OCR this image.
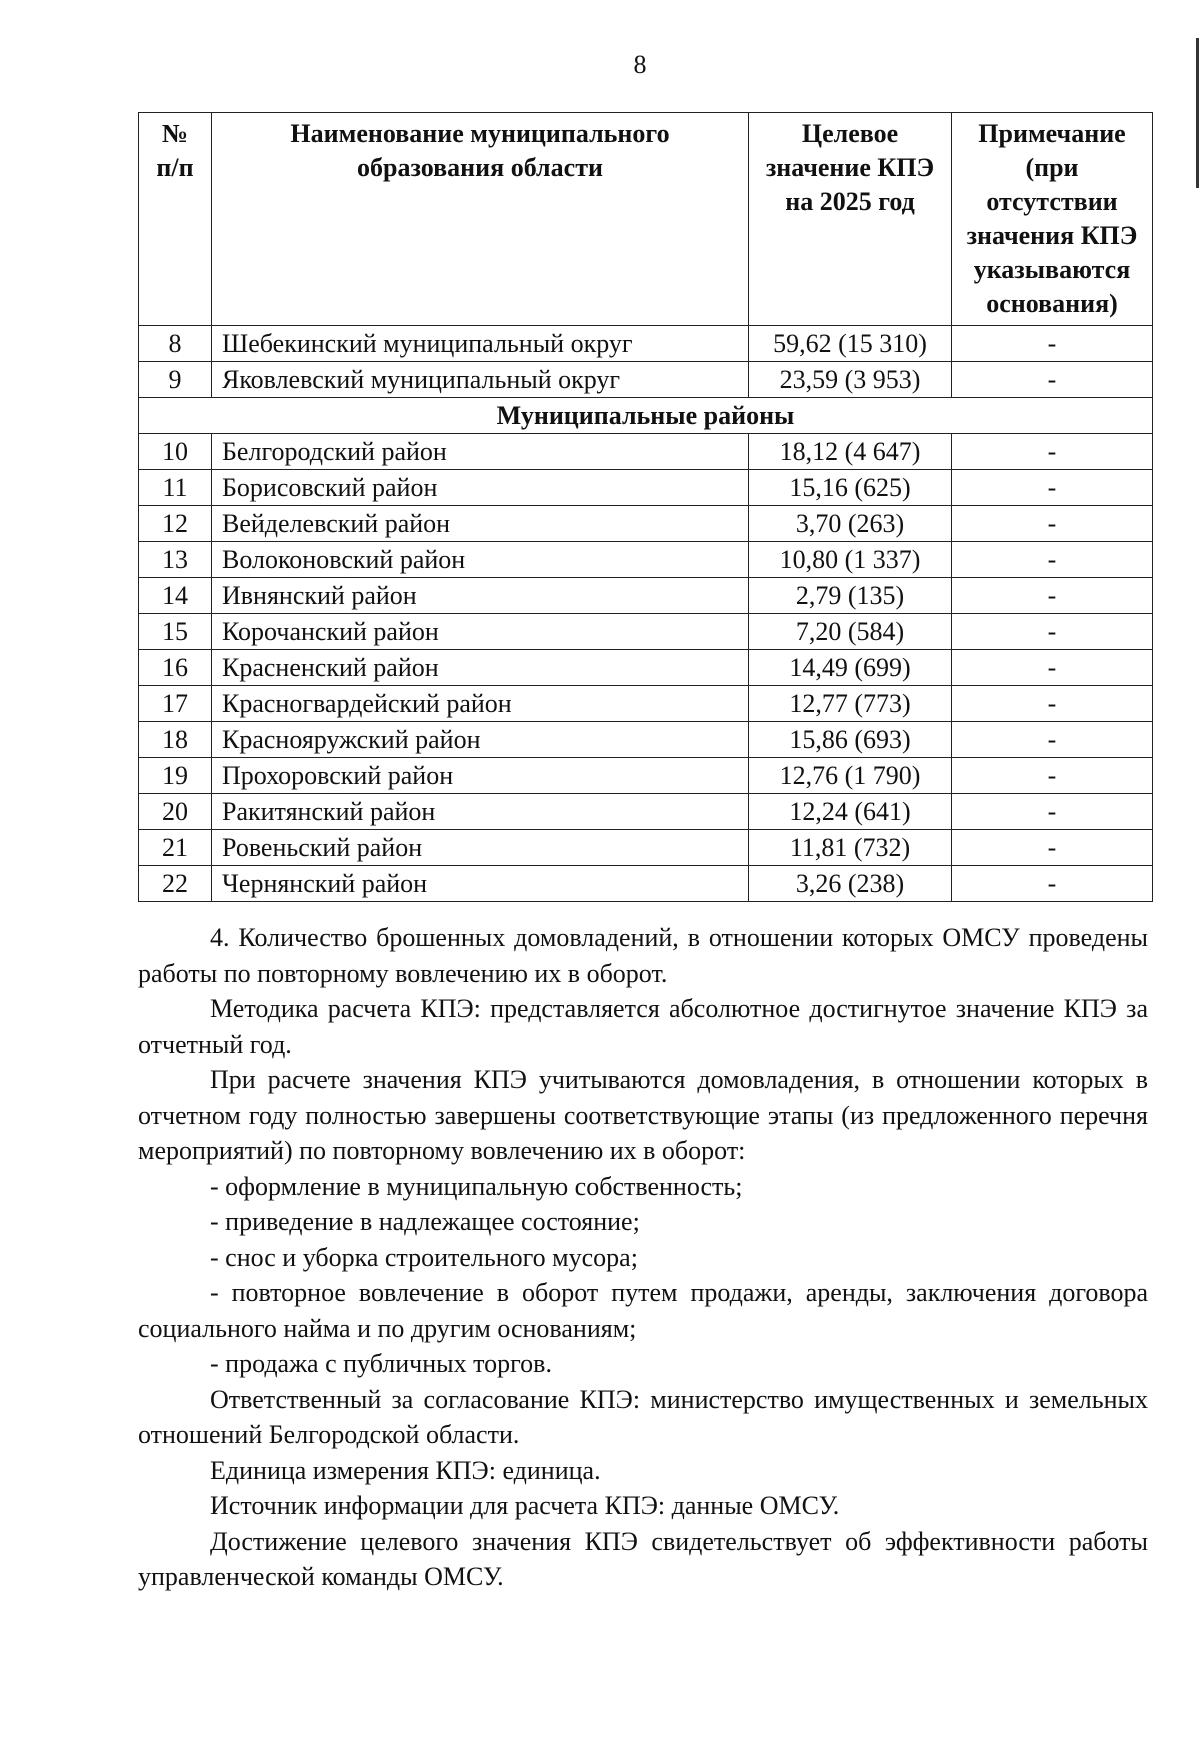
8
№ п/п	Наименование муниципального образования области	Целевое значение КПЭ на 2025 год	Примечание
(при отсутствии значения КПЭ указываются основания)
8	Шебекинский муниципальный округ	59,62 (15 310)	-
9	Яковлевский муниципальный округ	23,59 (3 953)	-
Муниципальные районы			
10	Белгородский район	18,12 (4 647)	-
11	Борисовский район	15,16 (625)	-
12	Вейделевский район	3,70 (263)	-
13	Волоконовский район	10,80 (1 337)	-
14	Ивнянский район	2,79 (135)	-
15	Корочанский район	7,20 (584)	-
16	Красненский район	14,49 (699)	-
17	Красногвардейский район	12,77 (773)	-
18	Краснояружский район	15,86 (693)	-
19	Прохоровский район	12,76 (1 790)	-
20	Ракитянский район	12,24 (641)	-
21	Ровеньский район	11,81 (732)	-
22	Чернянский район	3,26 (238)	-

4. Количество брошенных домовладений, в отношении которых ОМСУ проведены работы по повторному вовлечению их в оборот.

Методика расчета КПЭ: представляется абсолютное достигнутое значение КПЭ за отчетный год.

При расчете значения КПЭ учитываются домовладения, в отношении которых в отчетном году полностью завершены соответствующие этапы (из предложенного перечня мероприятий) по повторному вовлечению их в оборот:

- оформление в муниципальную собственность;

- приведение в надлежащее состояние;

- снос и уборка строительного мусора;

- повторное вовлечение в оборот путем продажи, аренды, заключения договора социального найма и по другим основаниям;

- продажа с публичных торгов.

Ответственный за согласование КПЭ: министерство имущественных и земельных отношений Белгородской области.

Единица измерения КПЭ: единица.

Источник информации для расчета КПЭ: данные ОМСУ.

Достижение целевого значения КПЭ свидетельствует об эффективности работы управленческой команды ОМСУ.
